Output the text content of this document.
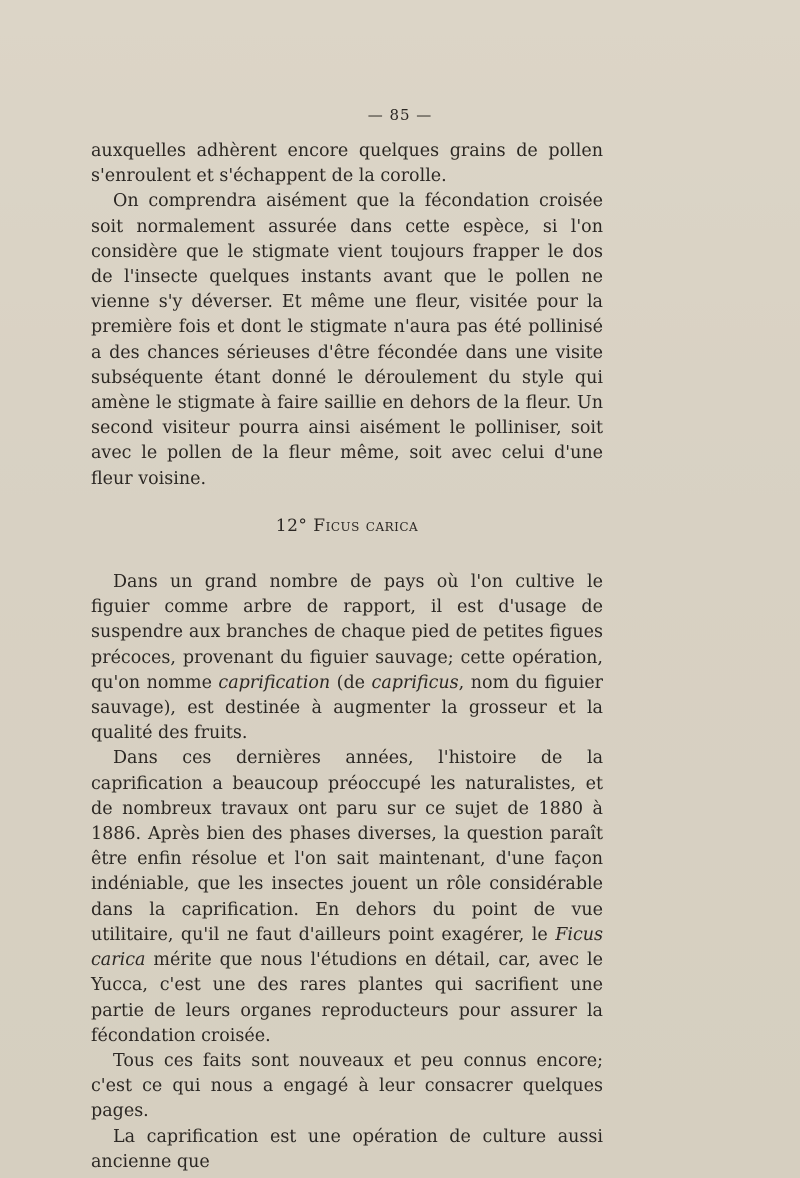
— 85 —

auxquelles adhèrent encore quelques grains de pollen s'enroulent et s'échappent de la corolle.

On comprendra aisément que la fécondation croisée soit normalement assurée dans cette espèce, si l'on considère que le stigmate vient toujours frapper le dos de l'insecte quelques instants avant que le pollen ne vienne s'y déverser. Et même une fleur, visitée pour la première fois et dont le stigmate n'aura pas été pollinisé a des chances sérieuses d'être fécondée dans une visite subséquente étant donné le déroulement du style qui amène le stigmate à faire saillie en dehors de la fleur. Un second visiteur pourra ainsi aisément le polliniser, soit avec le pollen de la fleur même, soit avec celui d'une fleur voisine.

12° Ficus carica

Dans un grand nombre de pays où l'on cultive le figuier comme arbre de rapport, il est d'usage de suspendre aux branches de chaque pied de petites figues précoces, provenant du figuier sauvage; cette opération, qu'on nomme caprification (de caprificus, nom du figuier sauvage), est destinée à augmenter la grosseur et la qualité des fruits.

Dans ces dernières années, l'histoire de la caprification a beaucoup préoccupé les naturalistes, et de nombreux travaux ont paru sur ce sujet de 1880 à 1886. Après bien des phases diverses, la question paraît être enfin résolue et l'on sait maintenant, d'une façon indéniable, que les insectes jouent un rôle considérable dans la caprification. En dehors du point de vue utilitaire, qu'il ne faut d'ailleurs point exagérer, le Ficus carica mérite que nous l'étudions en détail, car, avec le Yucca, c'est une des rares plantes qui sacrifient une partie de leurs organes reproducteurs pour assurer la fécondation croisée.

Tous ces faits sont nouveaux et peu connus encore; c'est ce qui nous a engagé à leur consacrer quelques pages.

La caprification est une opération de culture aussi ancienne que
